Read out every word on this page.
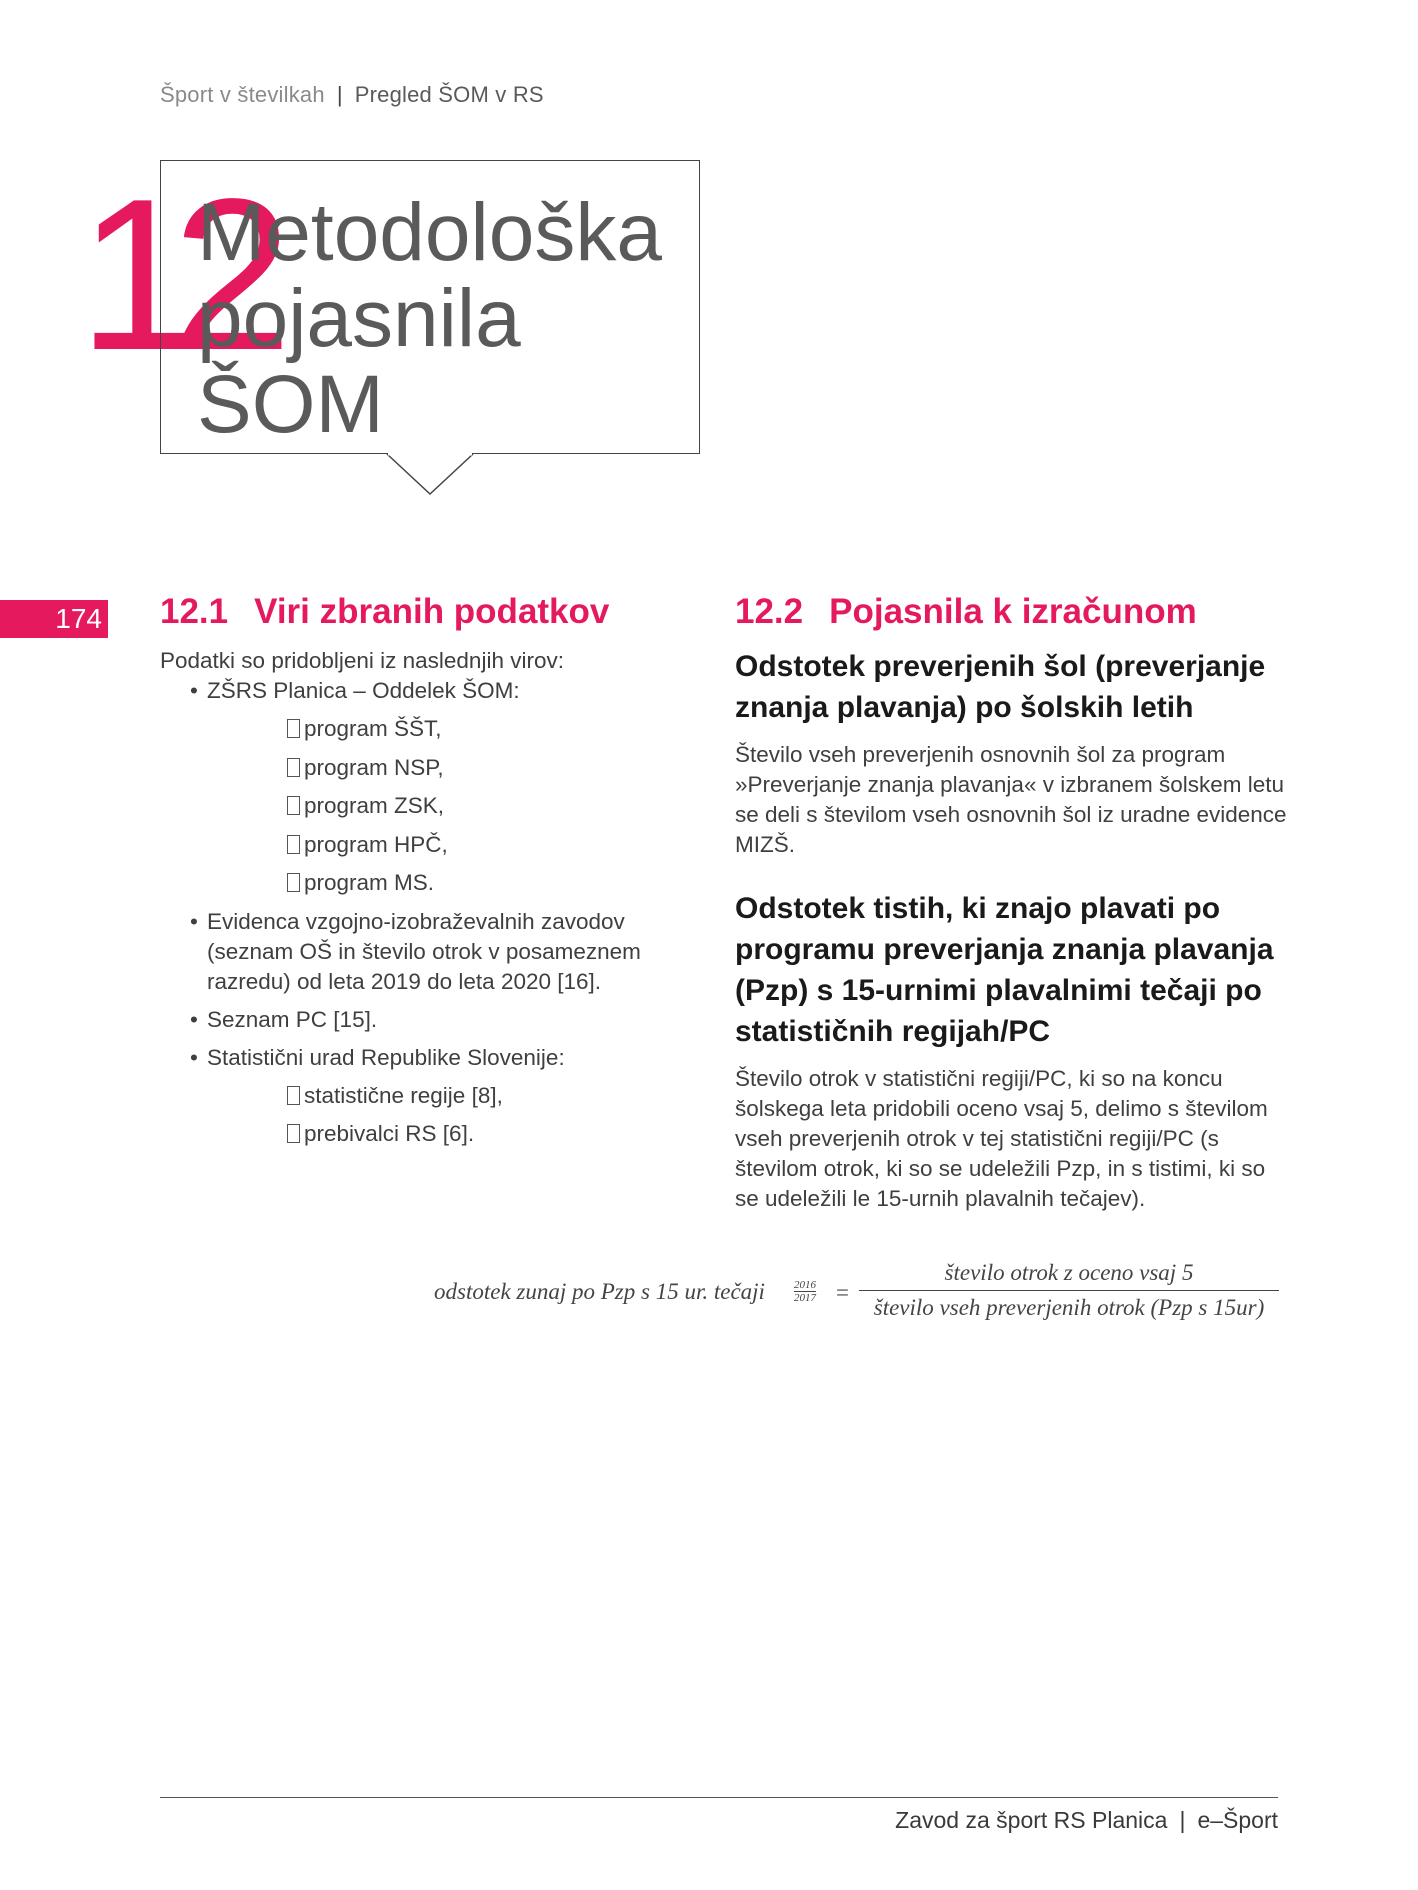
Šport v številkah | Pregled ŠOM v RS
12
Metodološka
pojasnila
ŠOM
174 12.1 Viri zbranih podatkov
Podatki so pridobljeni iz naslednjih virov:
• ZŠRS Planica – Oddelek ŠOM:
program ŠŠT,
program NSP,
program ZSK,
program HPČ,
program MS.
• Evidenca vzgojno-izobraževalnih zavodov (seznam OŠ in število otrok v posameznem razredu) od leta 2019 do leta 2020 [16].
• Seznam PC [15].
• Statistični urad Republike Slovenije:
statistične regije [8],
prebivalci RS [6].
12.2 Pojasnila k izračunom
Odstotek preverjenih šol (preverjanje znanja plavanja) po šolskih letih

Število vseh preverjenih osnovnih šol za program »Preverjanje znanja plavanja« v izbranem šolskem letu se deli s številom vseh osnovnih šol iz uradne evidence MIZŠ.

Odstotek tistih, ki znajo plavati po programu preverjanja znanja plavanja (Pzp) s 15-urnimi plavalnimi tečaji po statističnih regijah/PC

Število otrok v statistični regiji/PC, ki so na koncu šolskega leta pridobili oceno vsaj 5, delimo s številom vseh preverjenih otrok v tej statistični regiji/PC (s številom otrok, ki so se udeležili Pzp, in s tistimi, ki so se udeležili le 15-urnih plavalnih tečajev).

odstotek zunaj po Pzp s 15 ur. tečaji	2016
2017 =
število otrok z oceno vsaj 5
število vseh preverjenih otrok (Pzp s 15ur)
Zavod za šport RS Planica | e–Šport
